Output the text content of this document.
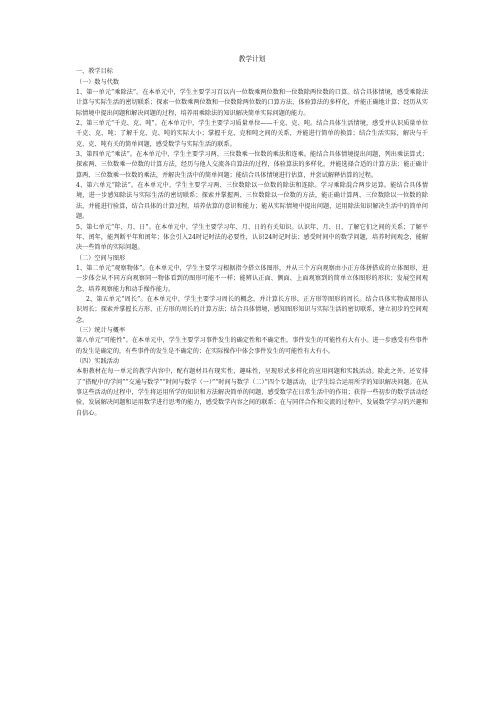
教学计划
一、教学目标
（一）数与代数
1、第一单元“乘除法”。在本单元中，学生主要学习百以内一位数乘两位数和一位数除两位数的口算。结合具体情境，感受乘除法计算与实际生活的密切联系；探索一位数乘两位数和一位数除两位数的口算方法，体验算法的多样化，并能正确地计算；经历从实际情境中提出问题和解决问题的过程，培养用乘除法的知识解决简单实际问题的能力。
2、第三单元“千克、克、吨”。在本单元中，学生主要学习质量单位——千克、克、吨。结合具体生活情境，感受并认识质量单位千克、克、吨；了解千克、克、吨的实际大小；掌握千克、克和吨之间的关系，并能进行简单的换算；结合生活实际，解决与千克、克、吨有关的简单问题，感受数学与实际生活的联系。
3、第四单元“乘法”。在本单元中，学生主要学习两、三位数乘一位数的乘法和连乘。能结合具体情境提出问题，列出乘法算式；探索两、三位数乘一位数的计算方法，经历与他人交流各自算法的过程，体验算法的多样化，并能选择合适的计算方法；能正确计算两、三位数乘一位数的乘法，并解决生活中的简单问题；能结合具体情境进行估算，并尝试解释估算的过程。
4、第六单元“除法”。在本单元中，学生主要学习两、三位数除以一位数的除法和连除。学习乘除混合两步运算。能结合具体情境，进一步感知除法与实际生活的密切联系；探索并掌握两、三位数除以一位数的方法，能正确计算两、三位数除以一位数的除法，并能进行验算，结合具体的计算过程，培养估算的意识和能力；能从实际情境中提出问题，运用除法知识解决生活中的简单问题。
5、第七单元“年、月、日”。在本单元中，学生主要学习年、月、日的有关知识。认识年、月、日，了解它们之间的关系；了解平年、闰年，能判断平年和闰年；体会引入24时记时法的必要性，认识24时记时法；感受时间中的数学问题，培养时间观念，能解决一些简单的实际问题。
（二）空间与图形
1、第二单元“观察物体”。在本单元中，学生主要学习根据指令搭立体图形，并从三个方向观察由小正方体拼搭成的立体图形，进一步体会从不同方向观察同一物体看到的图形可能不一样；能辨认正面、侧面、上面观察到的简单立体图形的形状；发展空间观念，培养观察能力和动手操作能力。
2、第五单元“周长”。在本单元中，学生主要学习周长的概念，并计算长方形、正方形等图形的周长。结合具体实物或图形认识周长；探索并掌握长方形、正方形的周长的计算方法；结合具体情境，感知图形知识与实际生活的密切联系，建立初步的空间观念。
（三）统计与概率
第八单元“可能性”。在本单元中，学生主要学习事件发生的确定性和不确定性，事件发生的可能性有大有小。进一步感受有些事件的发生是确定的，有些事件的发生是不确定的；在实际操作中体会事件发生的可能性有大有小。
（四）实践活动
本册教材在每一单元的教学内容中，配有题材具有现实性、趣味性，呈现形式多样化的应用问题和实践活动。除此之外，还安排了“搭配中的学问”“交通与数学”“时间与数学（一）”“时间与数学（二）”四个专题活动，让学生综合运用所学的知识解决问题。在从事这些活动的过程中，学生将运用所学的知识和方法解决简单的问题，感受数学在日常生活中的作用；获得一些初步的数学活动经验，发展解决问题和运用数学进行思考的能力，感受数学内容之间的联系；在与同伴合作和交流的过程中，发展数学学习的兴趣和自信心。
